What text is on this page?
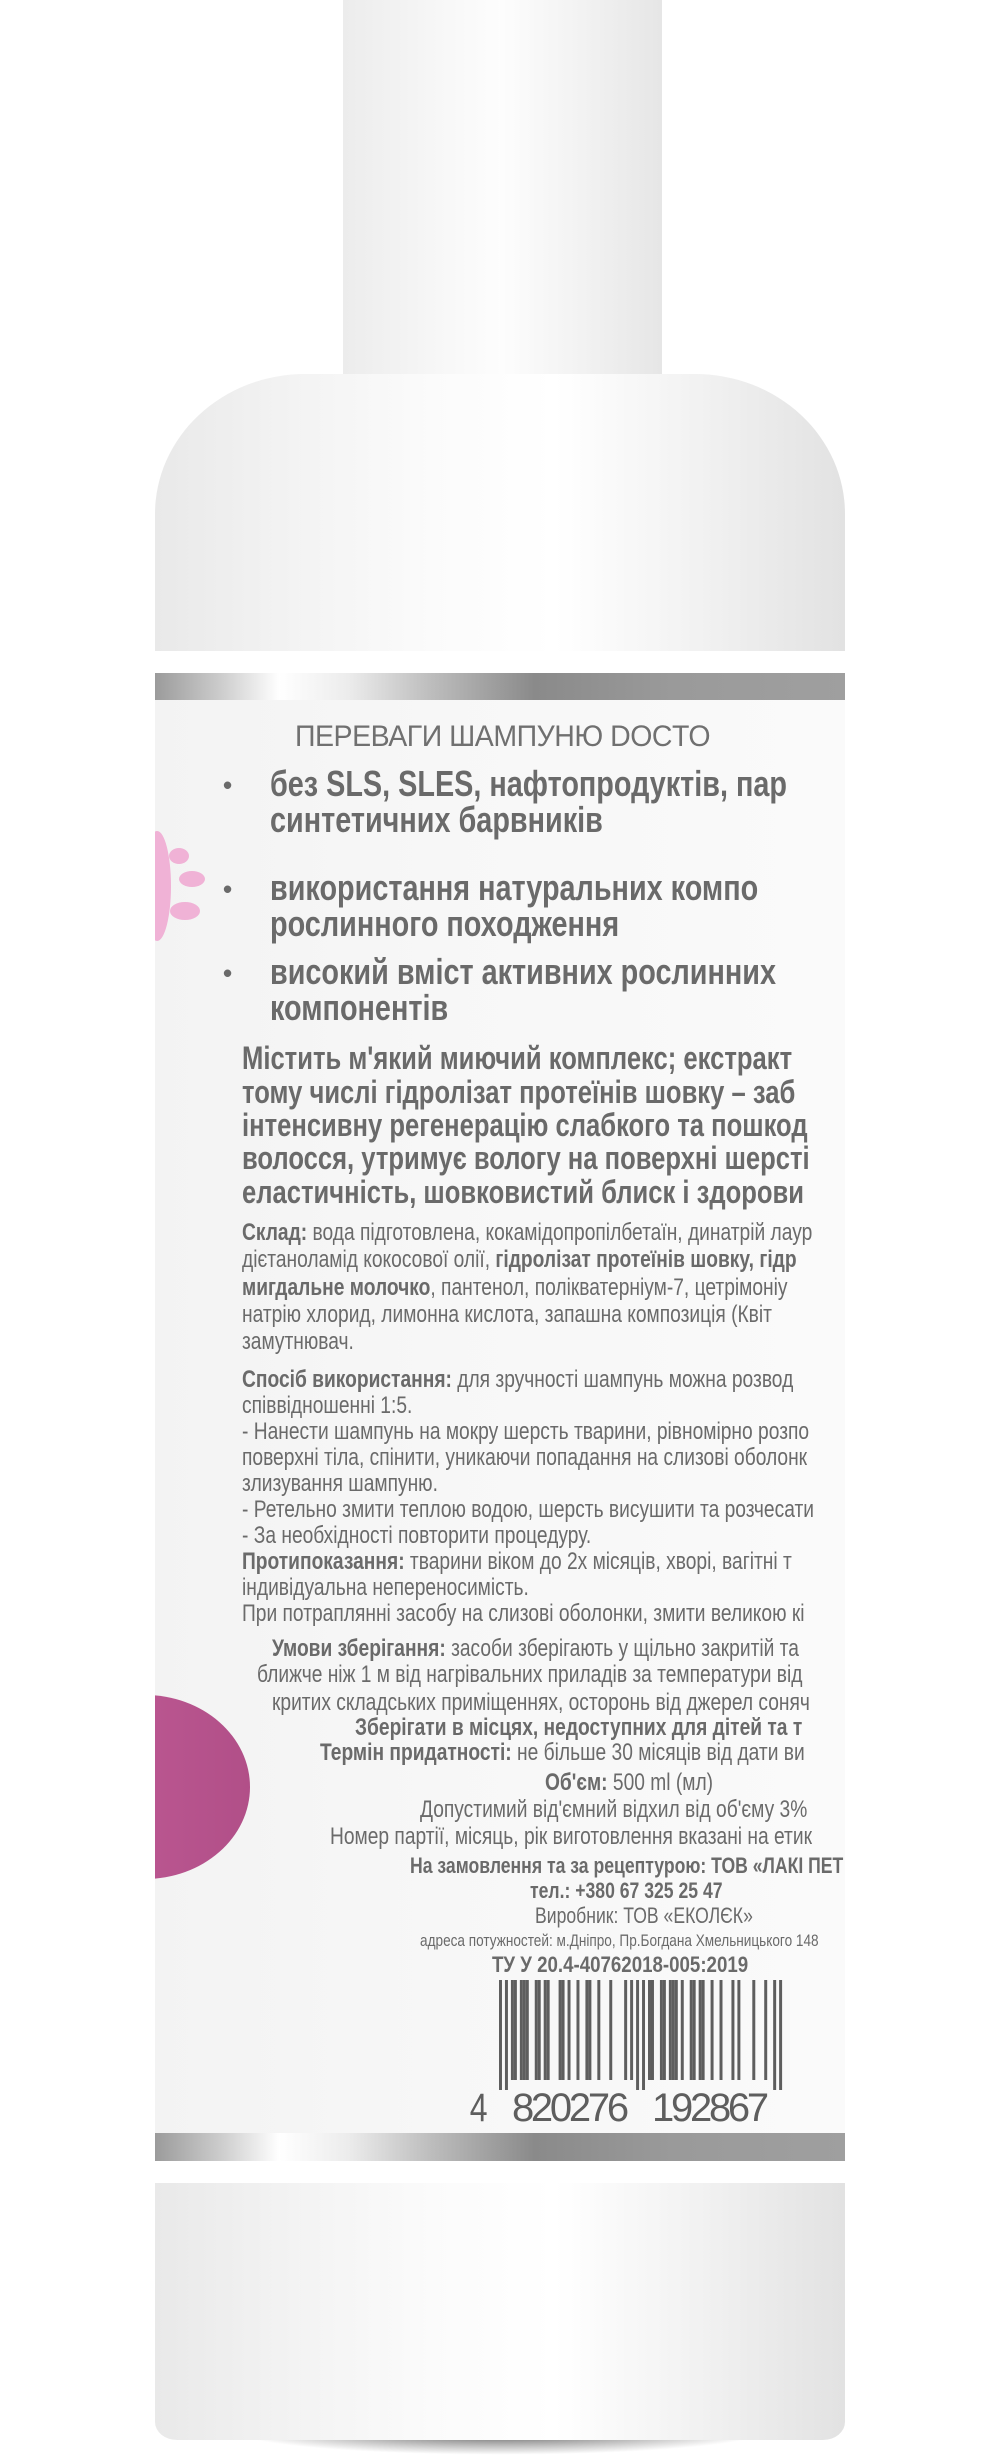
ПЕРЕВАГИ ШАМПУНЮ DOCTO
• без SLS, SLES, нафтопродуктів, пар
синтетичних барвників
• використання натуральних компо
рослинного походження
• високий вміст активних рослинних
компонентів
Містить м'який миючий комплекс; екстракт
тому числі гідролізат протеїнів шовку – заб
інтенсивну регенерацію слабкого та пошкод
волосся, утримує вологу на поверхні шерсті
еластичність, шовковистий блиск і здорови
Склад: вода підготовлена, кокамідопропілбетаїн, динатрій лаур
дієтаноламід кокосової олії, гідролізат протеїнів шовку, гідр
мигдальне молочко, пантенол, полікватерніум-7, цетрімоніу
натрію хлорид, лимонна кислота, запашна композиція (Квіт
замутнювач.
Спосіб використання: для зручності шампунь можна розвод
співвідношенні 1:5.
- Нанести шампунь на мокру шерсть тварини, рівномірно розпо
поверхні тіла, спінити, уникаючи попадання на слизові оболонк
злизування шампуню.
- Ретельно змити теплою водою, шерсть висушити та розчесати
- За необхідності повторити процедуру.
Протипоказання: тварини віком до 2х місяців, хворі, вагітні т
індивідуальна непереносимість.
При потраплянні засобу на слизові оболонки, змити великою кі
Умови зберігання: засоби зберігають у щільно закритій та
ближче ніж 1 м від нагрівальних приладів за температури від
критих складських приміщеннях, осторонь від джерел соняч
Зберігати в місцях, недоступних для дітей та т
Термін придатності: не більше 30 місяців від дати ви
Об'єм: 500 ml (мл)
Допустимий від'ємний відхил від об'єму 3%
Номер партії, місяць, рік виготовлення вказані на етик
На замовлення та за рецептурою: ТОВ «ЛАКІ ПЕТ
тел.: +380 67 325 25 47
Виробник: ТОВ «ЕКОЛЄК»
адреса потужностей: м.Дніпро, Пр.Богдана Хмельницького 148
ТУ У 20.4-40762018-005:2019
4 820276 192867
